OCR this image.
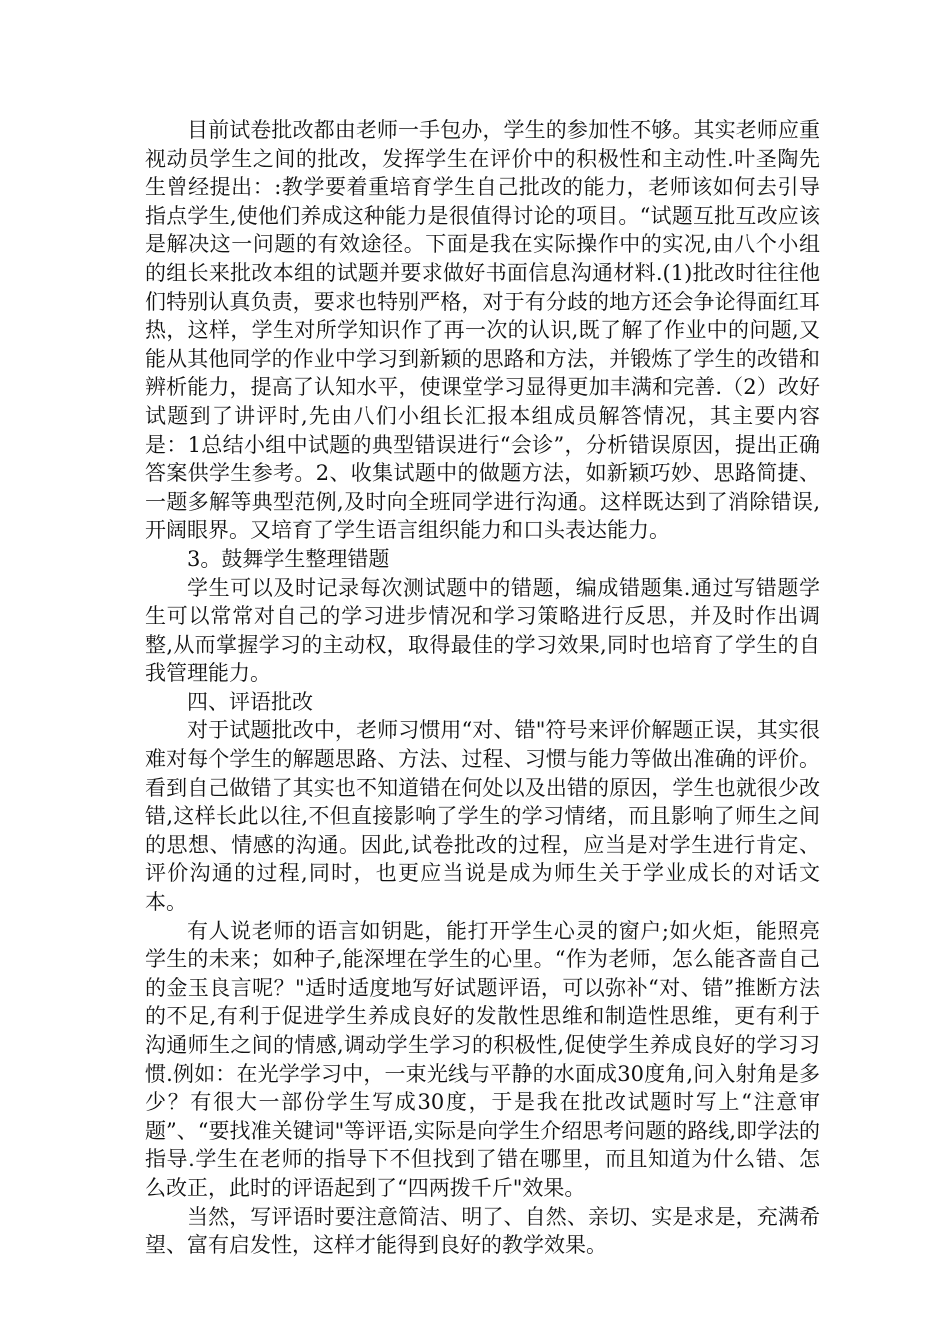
目前试卷批改都由老师一手包办，学生的参加性不够。其实老师应重视动员学生之间的批改，发挥学生在评价中的积极性和主动性.叶圣陶先生曾经提出：:教学要着重培育学生自己批改的能力，老师该如何去引导指点学生,使他们养成这种能力是很值得讨论的项目。“试题互批互改应该是解决这一问题的有效途径。下面是我在实际操作中的实况,由八个小组的组长来批改本组的试题并要求做好书面信息沟通材料.(1)批改时往往他们特别认真负责，要求也特别严格，对于有分歧的地方还会争论得面红耳热，这样，学生对所学知识作了再一次的认识,既了解了作业中的问题,又能从其他同学的作业中学习到新颖的思路和方法，并锻炼了学生的改错和辨析能力，提高了认知水平，使课堂学习显得更加丰满和完善.（2）改好试题到了讲评时,先由八们小组长汇报本组成员解答情况，其主要内容是：1总结小组中试题的典型错误进行“会诊”，分析错误原因，提出正确答案供学生参考。2、收集试题中的做题方法，如新颖巧妙、思路简捷、一题多解等典型范例,及时向全班同学进行沟通。这样既达到了消除错误,开阔眼界。又培育了学生语言组织能力和口头表达能力。

3。鼓舞学生整理错题

学生可以及时记录每次测试题中的错题，编成错题集.通过写错题学生可以常常对自己的学习进步情况和学习策略进行反思，并及时作出调整,从而掌握学习的主动权，取得最佳的学习效果,同时也培育了学生的自我管理能力。

四、评语批改

对于试题批改中，老师习惯用“对、错"符号来评价解题正误，其实很难对每个学生的解题思路、方法、过程、习惯与能力等做出准确的评价。看到自己做错了其实也不知道错在何处以及出错的原因，学生也就很少改错,这样长此以往,不但直接影响了学生的学习情绪，而且影响了师生之间的思想、情感的沟通。因此,试卷批改的过程，应当是对学生进行肯定、评价沟通的过程,同时，也更应当说是成为师生关于学业成长的对话文本。

有人说老师的语言如钥匙，能打开学生心灵的窗户;如火炬，能照亮学生的未来；如种子,能深埋在学生的心里。“作为老师，怎么能吝啬自己的金玉良言呢？"适时适度地写好试题评语，可以弥补“对、错”推断方法的不足,有利于促进学生养成良好的发散性思维和制造性思维，更有利于沟通师生之间的情感,调动学生学习的积极性,促使学生养成良好的学习习惯.例如：在光学学习中，一束光线与平静的水面成30度角,问入射角是多少？有很大一部份学生写成30度，于是我在批改试题时写上“注意审题”、“要找准关键词"等评语,实际是向学生介绍思考问题的路线,即学法的指导.学生在老师的指导下不但找到了错在哪里，而且知道为什么错、怎么改正，此时的评语起到了“四两拨千斤"效果。

当然，写评语时要注意简洁、明了、自然、亲切、实是求是，充满希望、富有启发性，这样才能得到良好的教学效果。
